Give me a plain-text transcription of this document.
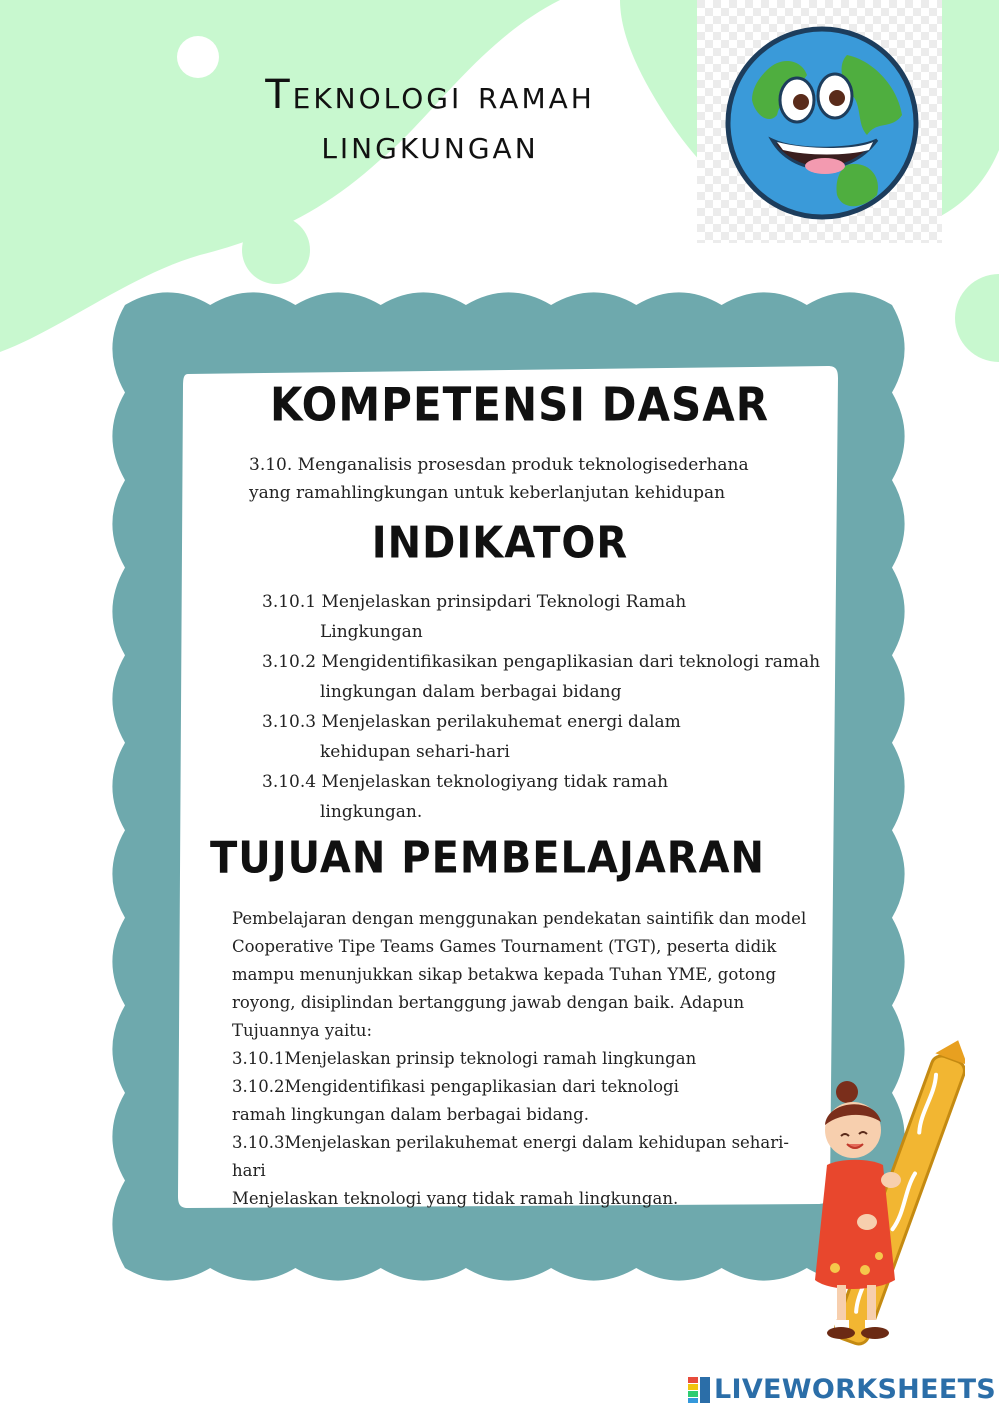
Teknologi ramah
lingkungan
KOMPETENSI DASAR
3.10. Menganalisis prosesdan produk teknologisederhana
yang ramahlingkungan untuk keberlanjutan kehidupan
INDIKATOR
3.10.1 Menjelaskan prinsipdari Teknologi Ramah Lingkungan
3.10.2 Mengidentifikasikan pengaplikasian dari teknologi ramah lingkungan dalam berbagai bidang
3.10.3 Menjelaskan perilakuhemat energi dalam kehidupan sehari-hari
3.10.4 Menjelaskan teknologiyang tidak ramah lingkungan.
TUJUAN PEMBELAJARAN
Pembelajaran dengan menggunakan pendekatan saintifik dan model Cooperative Tipe Teams Games Tournament (TGT), peserta didik mampu menunjukkan sikap betakwa kepada Tuhan YME, gotong royong, disiplindan bertanggung jawab dengan baik. Adapun Tujuannya yaitu:
3.10.1Menjelaskan prinsip teknologi ramah lingkungan
3.10.2Mengidentifikasi pengaplikasian dari teknologi ramah lingkungan dalam berbagai bidang.
3.10.3Menjelaskan perilakuhemat energi dalam kehidupan sehari-hari
Menjelaskan teknologi yang tidak ramah lingkungan.
LIVEWORKSHEETS
